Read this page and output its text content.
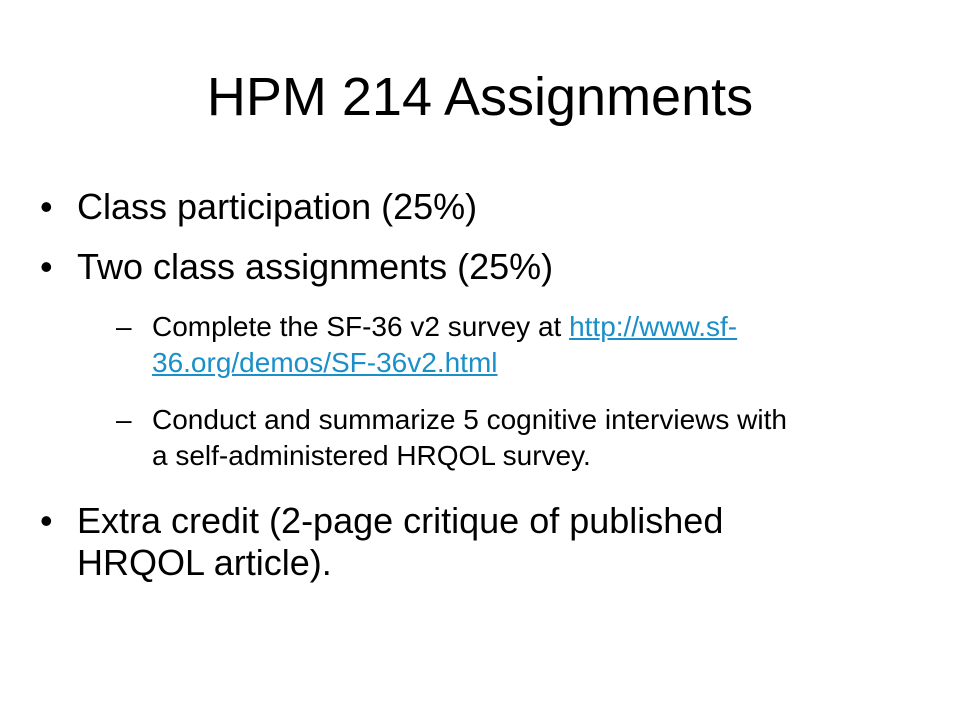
HPM 214 Assignments
• Class participation (25%)
• Two class assignments (25%)
– Complete the SF-36 v2 survey at http://www.sf-
36.org/demos/SF-36v2.html
– Conduct and summarize 5 cognitive interviews with
a self-administered HRQOL survey.
• Extra credit (2-page critique of published HRQOL article).
